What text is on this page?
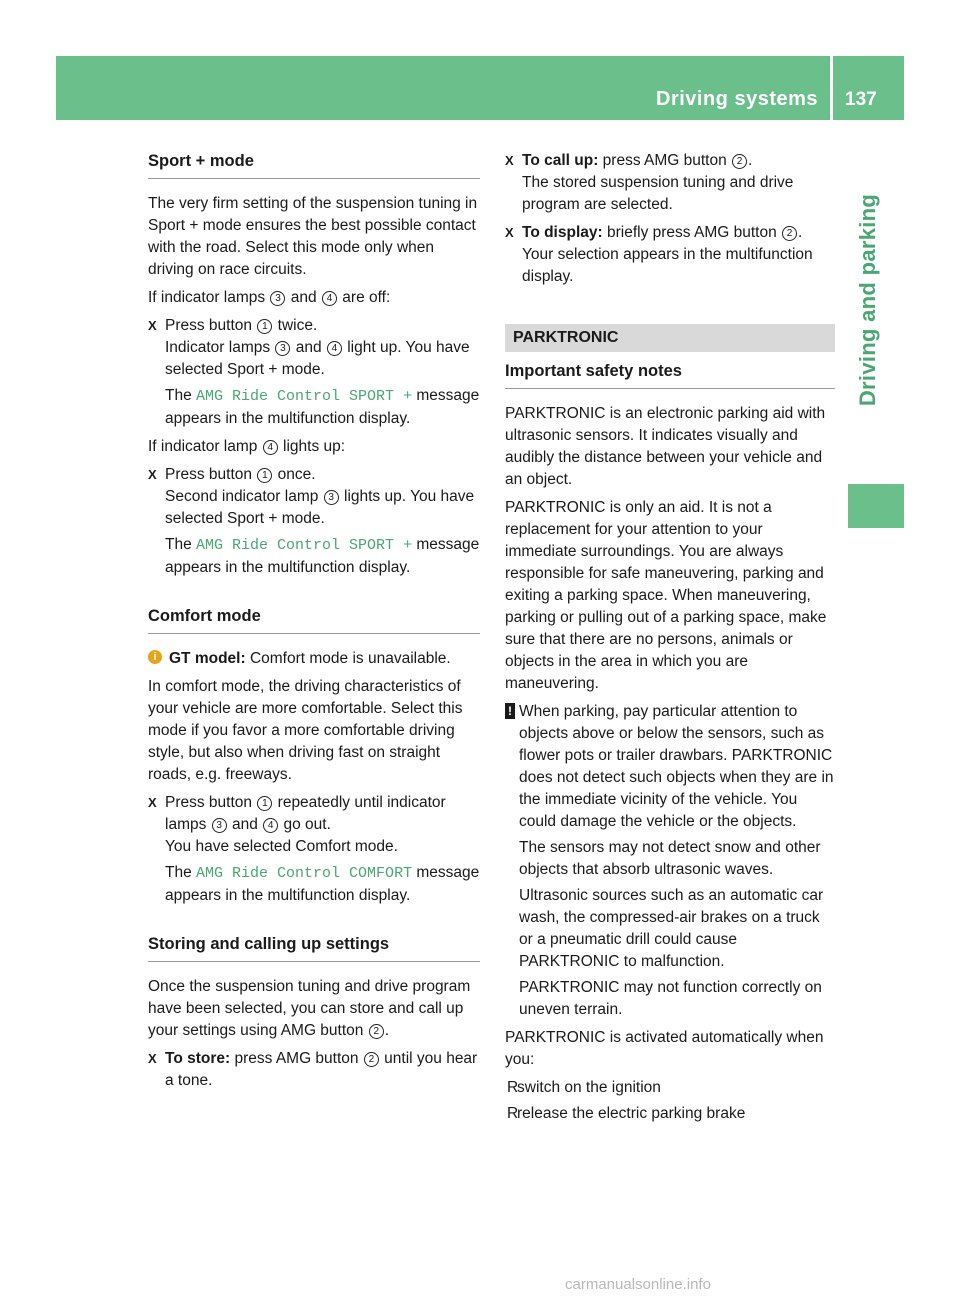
Driving systems 137
Driving and parking
Sport + mode

The very firm setting of the suspension tuning in Sport + mode ensures the best possible contact with the road. Select this mode only when driving on race circuits.

If indicator lamps 3 and 4 are off:

X Press button 1 twice.
Indicator lamps 3 and 4 light up. You have selected Sport + mode.
The AMG Ride Control SPORT + message appears in the multifunction display.

If indicator lamp 4 lights up:

X Press button 1 once.
Second indicator lamp 3 lights up. You have selected Sport + mode.
The AMG Ride Control SPORT + message appears in the multifunction display.
Comfort mode
i GT model: Comfort mode is unavailable.

In comfort mode, the driving characteristics of your vehicle are more comfortable. Select this mode if you favor a more comfortable driving style, but also when driving fast on straight roads, e.g. freeways.

X Press button 1 repeatedly until indicator lamps 3 and 4 go out.
You have selected Comfort mode.
The AMG Ride Control COMFORT message appears in the multifunction display.
Storing and calling up settings

Once the suspension tuning and drive program have been selected, you can store and call up your settings using AMG button 2 .

X To store: press AMG button 2 until you hear a tone.
X To call up: press AMG button 2 .
The stored suspension tuning and drive program are selected.
X To display: briefly press AMG button 2 .
Your selection appears in the multifunction display.
PARKTRONIC
Important safety notes

PARKTRONIC is an electronic parking aid with ultrasonic sensors. It indicates visually and audibly the distance between your vehicle and an object.

PARKTRONIC is only an aid. It is not a replacement for your attention to your immediate surroundings. You are always responsible for safe maneuvering, parking and exiting a parking space. When maneuvering, parking or pulling out of a parking space, make sure that there are no persons, animals or objects in the area in which you are maneuvering.

! When parking, pay particular attention to objects above or below the sensors, such as flower pots or trailer drawbars. PARKTRONIC does not detect such objects when they are in the immediate vicinity of the vehicle. You could damage the vehicle or the objects.

The sensors may not detect snow and other objects that absorb ultrasonic waves.

Ultrasonic sources such as an automatic car wash, the compressed-air brakes on a truck or a pneumatic drill could cause PARKTRONIC to malfunction.

PARKTRONIC may not function correctly on uneven terrain.

PARKTRONIC is activated automatically when you:

R
switch on the ignition
R
release the electric parking brake
carmanualsonline.info
